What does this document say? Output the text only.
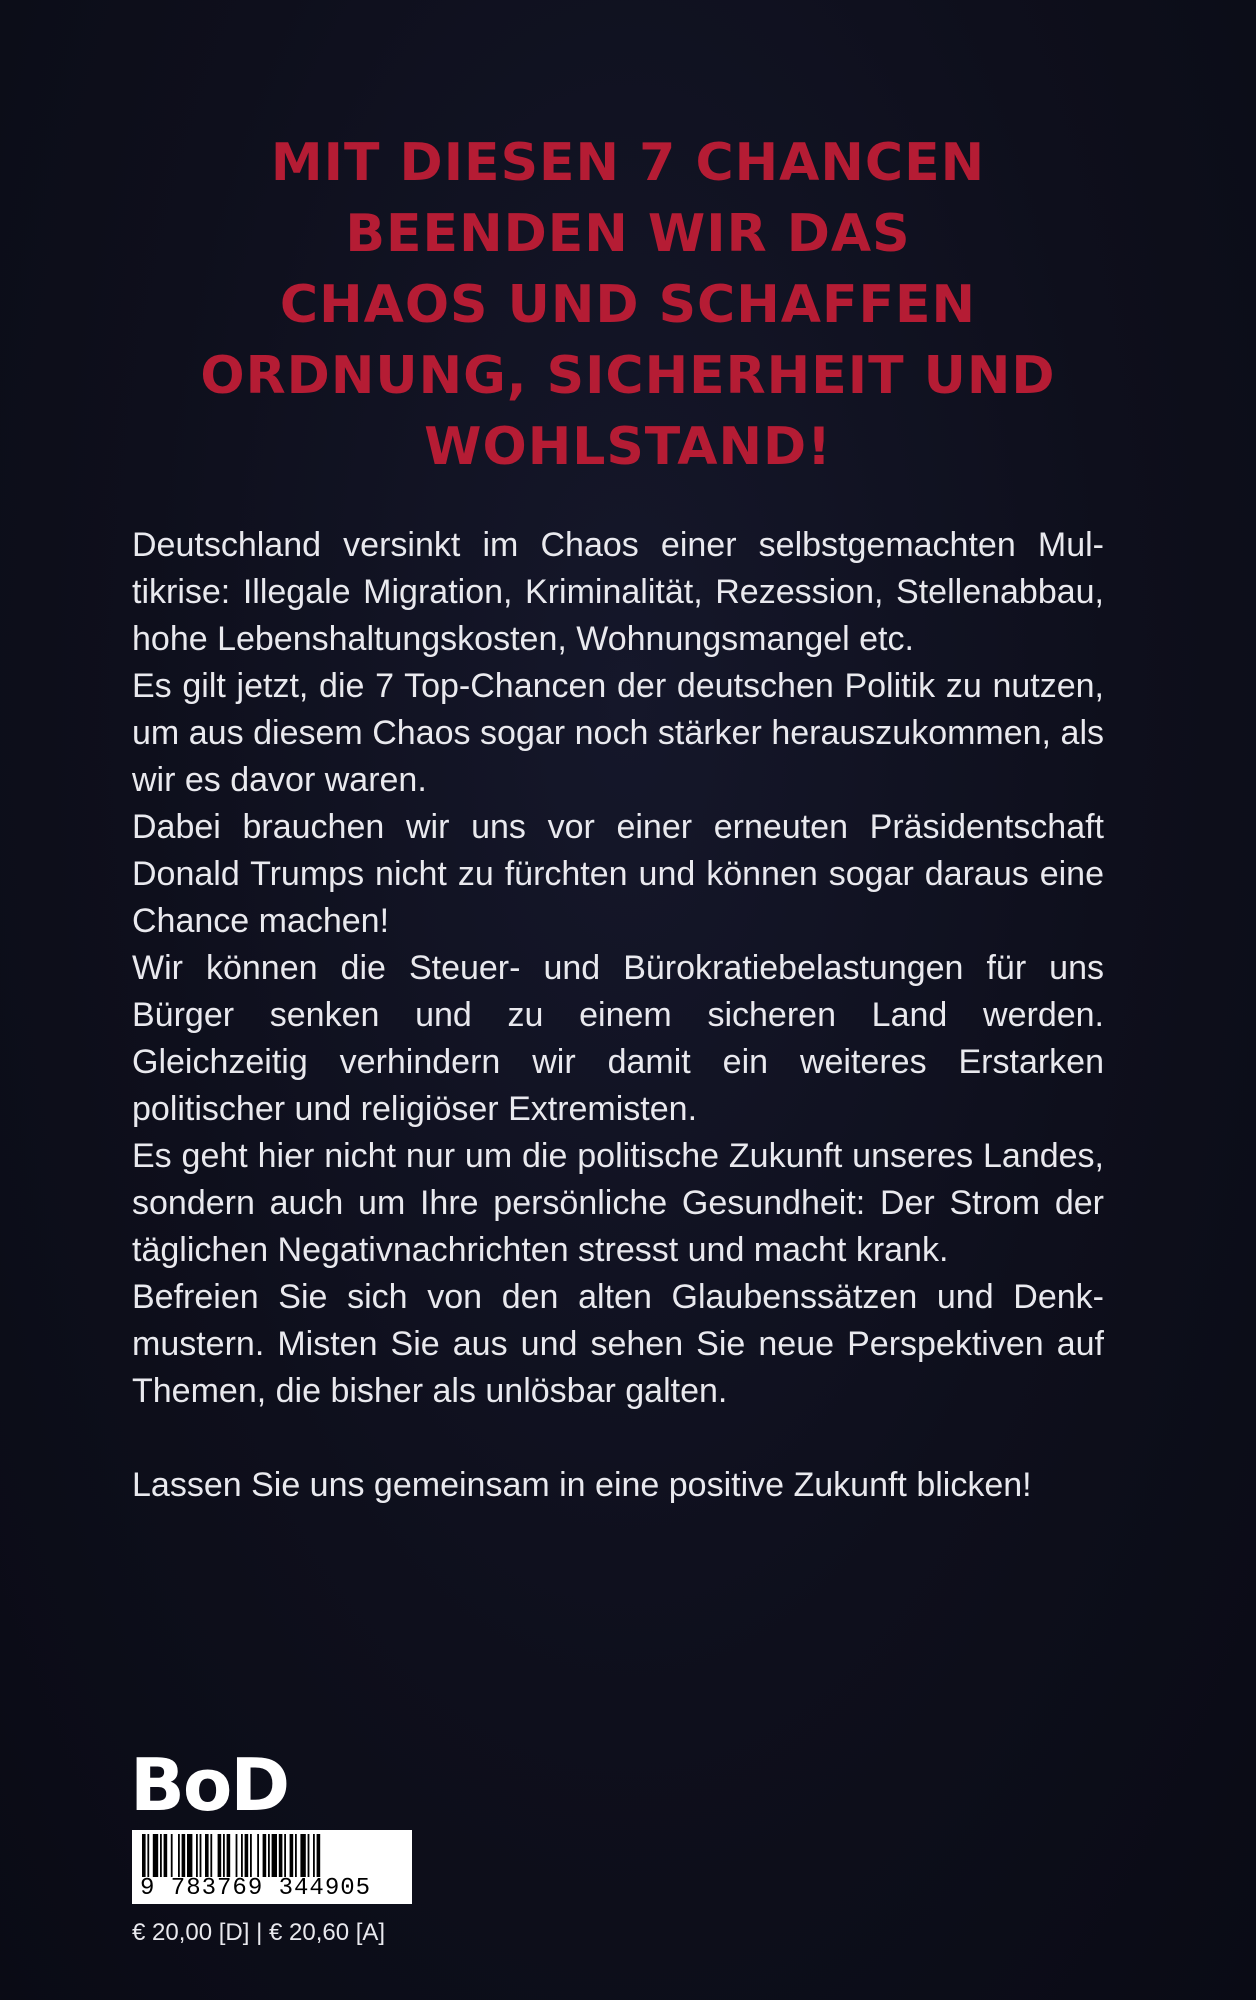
MIT DIESEN 7 CHANCEN
BEENDEN WIR DAS
CHAOS UND SCHAFFEN
ORDNUNG, SICHERHEIT UND
WOHLSTAND!

Deutschland versinkt im Chaos einer selbstgemachten Multikrise: Illegale Migration, Kriminalität, Rezession, Stellenabbau, hohe Lebenshaltungskosten, Wohnungsmangel etc.

Es gilt jetzt, die 7 Top-Chancen der deutschen Politik zu nutzen, um aus diesem Chaos sogar noch stärker herauszukommen, als wir es davor waren.

Dabei brauchen wir uns vor einer erneuten Präsidentschaft Donald Trumps nicht zu fürchten und können sogar daraus eine Chance machen!

Wir können die Steuer- und Bürokratiebelastungen für uns Bürger senken und zu einem sicheren Land werden. Gleichzeitig verhindern wir damit ein weiteres Erstarken politischer und religiöser Extremisten.

Es geht hier nicht nur um die politische Zukunft unseres Landes, sondern auch um Ihre persönliche Gesundheit: Der Strom der täglichen Negativnachrichten stresst und macht krank.

Befreien Sie sich von den alten Glaubenssätzen und Denkmustern. Misten Sie aus und sehen Sie neue Perspektiven auf Themen, die bisher als unlösbar galten.

Lassen Sie uns gemeinsam in eine positive Zukunft blicken!

BoD
9 783769 344905
€ 20,00 [D] | € 20,60 [A]
